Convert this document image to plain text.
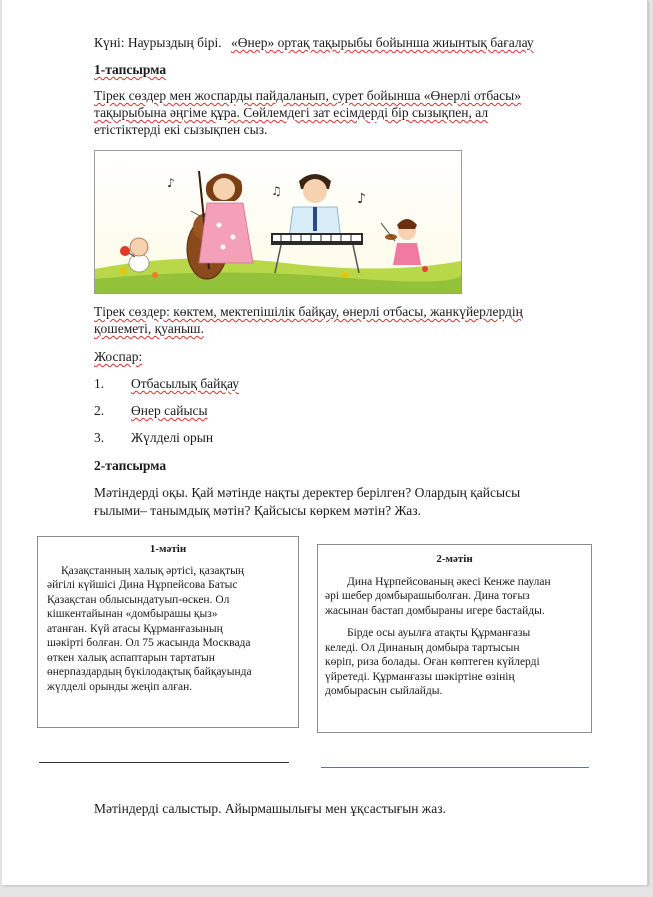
Күні: Наурыздың бірі. «Өнер» ортақ тақырыбы бойынша жиынтық бағалау
1-тапсырма
Тірек сөздер мен жоспарды пайдаланып, сурет бойынша «Өнерлі отбасы»
тақырыбына әңгіме құра. Сөйлемдегі зат есімдерді бір сызықпен, ал
етістіктерді екі сызықпен сыз.
♪
♫
♪
Тірек сөздер: көктем, мектепішілік байқау, өнерлі отбасы, жанкүйерлердің
қошеметі, қуаныш.
Жоспар:
1. Отбасылық байқау
2. Өнер сайысы
3. Жүлделі орын
2-тапсырма
Мәтіндерді оқы. Қай мәтінде нақты деректер берілген? Олардың қайсысы
ғылыми– танымдық мәтін? Қайсысы көркем мәтін? Жаз.
1-мәтін
Қазақстанның халық әртісі, қазақтың
әйгілі күйшісі Дина Нұрпейсова Батыс
Қазақстан облысындатуып-өскен. Ол
кішкентайынан «домбырашы қыз»
атанған. Күй атасы Құрманғазының
шәкірті болған. Ол 75 жасында Москвада
өткен халық аспаптарын тартатын
өнерпаздардың бүкілодақтық байқауында
жүлделі орынды жеңіп алған.
2-мәтін
Дина Нұрпейсованың әкесі Кенже паулан
әрі шебер домбырашыболған. Дина тоғыз
жасынан бастап домбыраны игере бастайды.
Бірде осы ауылға атақты Құрманғазы
келеді. Ол Динаның домбыра тартысын
көріп, риза болады. Оған көптеген күйлерді
үйретеді. Құрманғазы шәкіртіне өзінің
домбырасын сыйлайды.
Мәтіндерді салыстыр. Айырмашылығы мен ұқсастығын жаз.
